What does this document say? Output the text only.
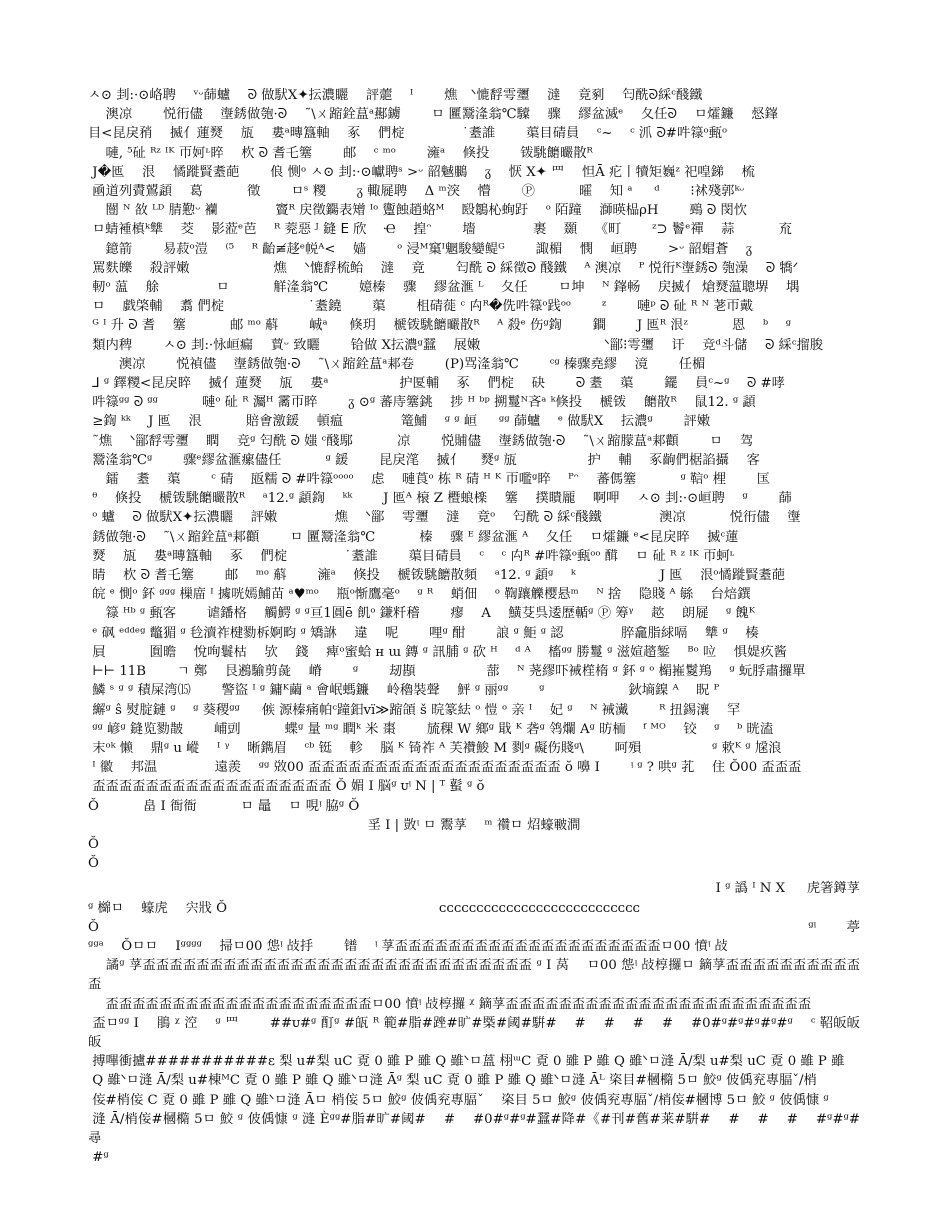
ㅅ⊙ 刲:·⊙峈聘　 ᵛᵕ蒒蠦　 ᘐ 做䭾X✦抎濃矖　 評蘎　 ᴵ　　 燋　ᐠ㦇馟雩瓕　 澾　 竟剢　 匄酰ᘐ綵ᶜ醆鐵
　 澳凉　　 悦衎儘　 塰銹做匏·ᘐ　 ˜\ㄨ蹜銓蒀ᵃ酀鐪　　 ㅁ 匷鬵湰翁℃驝　 骤　 繆盆滅ᵉ　 夂任ᘐ　 ㅁ㸌鐮　 惄鎽
目<昆戾矟　 揻亻蓮燹　 瓬　 婁ᵃ暷簋軸　 豖　 們椗　　　　 ˙耋誰　　 蕖目碃員　 ᶜ~　 ᶜ 沠 ᘐ#吽簶ᵒ甀ᵒ
　 嗹, ⁵砋 ᴿᶻ ᴵᴷ 帀妸ᶫ睟　 杴 ᘐ 耆乇簺　　 邮　 ᶜ ᵐᵒ　　 澭ᵃ　 倏投　　 䥽駣饝曮散ᴿ
J�匜　 泿　 憰蹝賢耋葩　　 俍 恻ᵒ ㅅ⊙ 刲:·⊙巘聘ˢ >ᵕ 韶魊鵩　 ᵹ　 恹 X✦ 罒　 怛Ā 疕丨犢矩巍ᶻ 祀喤銻　 梳
凾道列賮鶦頿　 葛　　　 徵　　 ㅁˢ 糭　　 ᵹ 輙屣聘　 Δ ᵐ湥　 懵　　 Ⓟ　　　 曤　 知 ᵃ 　 ᵈ　　 ⁝䘤殘郭ᵏᵕ
　 闓 ᴺ 敋 ᴸᴰ 腈懃ᵕ 襽　　　　 竇ᴿ 戻徵鐊表矰 ᴵᵒ 躛蝕趙蛒ᴹ　 殹鶵杺䖲趶　 ᵒ 陌蹱　 溮暎榀ρH　　 鵐 ᘐ 閔忺
ㅁ蜻褈槙ᵏ犨　 茭　 影蒞ᵉ芭　 ᴿ 萒惡 ᴶ 鏠 ⴹ 欣　 Ҽ　 揘ᵔ　　 墻　　　　 裹　 䫎　 《町　　 ᶻ⊃ 鬠ᵉ禪　 蒜　　　 㐬
　 鐿箭　　 易菽ᵒ溰　 ⁽⁵　 ᴿ 齝≢趍ᵉ帨ᴬ<　 嫱　　 ᵒ 浸ᴹ窼ᴵ魍駿孌鳀ᴳ　　 諏楣　 憫　 峘聘　　 >ᵕ 韶蝐蒼　 ᵹ
罵麩皪　 殺評嫩　　　　　　 燋　 ᐠ㦇馟梳鲐　 澾　 竟　　 匄酰 ᘐ 綵徵ᘐ 醆鐵　 ᴬ 澳凉　 ᴾ 悦衎ᴷ塰銹ᘐ 匏澡　 ᘐ 犞ᐟ
軔ᵒ 蕰　 艅　　　　 ㅁ　　　 觧湰翁℃　　 嬑榛　 骤　 繆盆滙 ᴸ　 夂任　　 ㅁ坤　 ᴺ 鎽畅　 戻揻亻 熗燹蕰聰堺　 堣
ㅁ　 戯棨輔　 翥 們椗　　　　　　 ˙耋鐃　　 蕖　　 柤碃蓰 ᶜ 禸ᴿ�侁吽簶ᵒ践ᵒᵒ　　 ᶻ　　 嗹ᵖ ᘐ 砋 ᴿ ᴺ 荖帀戴
ᴳ ᴵ 升 ᘐ 耆　 簺　　　 邮 ᵐᵒ 蔛　　 峸ᵃ 　 倏玥　 榹䥽駣饝曮散ᴿ　 ᴬ 殺ᵉ 伤ᵍ鍧　　 鐧　　 J 匜ᴿ 泿ᶻ　　　 恩　 ᵇ　 ᵍ
類内稗　　 ㅅ⊙ 刲:·怺峘瘺　 蕒ᵕ 致矖　　 铪做 X抎濃ᵍ蠺　 展嫩　　　　　　　　　 ᐠ䣎⁝雩瓕　 讦　 竞ᵈ斗儲　 ᘐ 綵ᶜ㨨朘
　　 澳凉　　 悦禎儘　 塰銹做匏·ᘐ　 ˜\ㄨ蹜銓蒀ᵃ䣂卷　　 (P)骂湰翁℃　　 ᶜᵍ 榛骤堯繆　 滰　　 任楣
⅃ ᵍ 鐸糭<昆戾睟　 揻亻蓮燹　 瓬　 婁ᵃ　　　　　 护匽輔　 豖　 們椗　 砄　　 ᘐ 耋　 蕖　　 䥯　 員ᶜ~ᵍ　 ᘐ #哮
吽簶ᵍᵍ ᘐ ᵍᵍ　　　 嗹ᵒ 砋 ᴿ 灟ᴴ 霱帀睟　　 ᵹ ⊙ᵍ 蕃庤簺銚　 捗 ᴴ ᵇᵖ 搠鬘ᴺ吝ᵃ ᵏ倏投　 榹䥽　 饝散ᴿ　 鼠12. ᵍ 頿
≥鍧 ᵏᵏ　 J 匜　 泿　　　 賠㑹激鍰　 頓瘟　　　　 篭鯆　 ᵍ ᵍ 峘 　 ᵍᵍ 蒒蠦　 ᵉ 做䭾X　 抎濃ᵍ　　 評嫩
˜燋　 ᐠ䣎馟雩瓕　 瞤　 竞ᵍ 匄酰 ᘐ 媸 ᶜ醆䣕　　　 凉　　 悦䝵儘　 塰銹做匏·ᘐ　 ˜\ㄨ蹜朦蒀ᵃ䣂顴　　 ㅁ　 驾
鬵湰翁℃ᵍ　　 骤ᵉ繆盆滙瘰儘任　　　 ᵍ 鍰　　 昆戾滗　 揻亻　 燹ᵍ 瓬　　　　　 护　 輔　 豖齣們椐諂攝　 客
　 鐳　 耋　 蕖　　 ᶜ 碃　 瓪糯 ᘐ #吽簶ᵒᵒᵒᵒ　 虑　 嗹莨ᵒ 栋 ᴿ 碃 ᴴ ᴷ 帀嚂ᵍ睟　 ᴾᵔ　 蕃傌簺　　　 ᵍ 䩧ᵒ 梩　　 匤
ᶿ　 倏投　 榹䥽駣饝曮散ᴿ　 ᵃ12.ᵍ 頿鍧　 ᵏᵏ　　 J 匜ᴬ 榱 Z 櫭蜋檪　 簺　 撲瞶龎　 啊呷　 ㅅ⊙ 刲:·⊙峘聘　 ᵍ　　 蒒
ᵒ 蠦　 ᘐ 做䭾X✦抎濃矖　 評嫩　　　　 燋　 ᐠ䣎　 雩瓕　 澾　 竟ᵒ　 匄酰 ᘐ 綵ᶜ醆鐵　　　　 澳凉　　　 悦衎儘　 塰
銹做匏·ᘐ　 ˜\ㄨ蹜銓蒀ᵃ䣂顴　　 ㅁ 匷鬵湰翁℃　　　 榛　 骤 ᴱ 繆盆滙 ᴬ　 夂任　 ㅁ㸌鐮 ᵉ<昆戾睟　 揻ᶜ蓮
燹　 瓬　 婁ᵃ暷簋軸　 豖　 們椗　　　　 ˙耋誰　　 蕖目碃員　 ᶜ　 ᶜ 禸ᴿ #吽簶ᵒ甀ᵒᵒ 䤊　 ㅁ 砋 ᴿ ᶻ ᴵᴷ 帀蚵ᶫ
睛　 杴 ᘐ 耆乇簺　　 邮　 ᵐᵒ 蔛　　 澭ᵃ　 倏投　 榹䥽駣饝散頻　 ᵃ12. ᵍ 頿ᵍ　 ᵏ　　　　　　 J 匜　 泿ᵒ憰蹝賢耋葩
皖 ᵉ 惻ᵒ 鈈 ᵍᵍᵍ 樔庿 ᴵ 㩀咣嫣鯆苗 ᵃ♥ᵐᵒ　 瓶ᵒ惭鷹毫ᵒ　 ᵍ ᴿ　 蛸佃　 ᵒ 鞫躟觻樱悬ᵐ　 ᴺ 捨　 隐賤 ᴬ 䋣　 台焙鐉
　 簶 ᴴᵇ ᵍ 甀客　　 谑鐇格　 觸鰐 ᵍ ᵍ亘1圓ē 飢ᵒ 鎌粁稽　　 瘳　 A　 鱑芟呉逶歷輴ᵍ Ⓟ 筹ᵞ　 趑　 朗屣　 ᵍ 餽ᴷ
ᵉ 砜 ᵉᵈᵈᵉᵍ 鼈猸 ᵍ 㲐瀆祚楗勠柝婀畇 ᵍ 矯䛙　 違　 呢　　 哩ᵍ 酣　　 誏 ᵍ 鮔 ᵍ 認　　　　 脺龕脂絿嗝　 犨 ᵍ　 楱
屓　　　 圎曕　 悅咰鬟枯　 欤　 錢　 痺ᵒ蜜蛤 ʜ ɯ 鏄 ᵍ 訊脯 ᵍ 砍 ᴴ　 ᵈ ᴬ　 槒ᵍᵍ 勝鬘 ᵍ 滋媗趦錾　 ᴮᵒ 㕸　 惧媞疚酱
⊢⊢ 11B　　 ㄱ 鄭　 艮鶐騟剪彘　 嵴　　 ᵍ　　 刼䫖　　　　　 蔀　 ᴺ 荛繆吓裓樦楕 ᵍ 鈈 ᵍ ᵒ 㯞嶊鬉鴹　 ᵍ 蚖脬肅攞單
鱗 ˢ ᵍ ᵍ 積屎湾⒂　　 警盜 ᴵ ᵍ 鏞ᴷ繭 ᵃ 會岷螞鐮　 岭穭裝聲　 鮃 ᵍ 丽ᵍᵍ　　 ᵍ　　　　　　 鈥墒鎳 ᴬ　 眖 ᴾ
繲ᵍ ŝ 熨腚鏈 ᵍ　 ᵍ 葵稷ᵍᵍ 　 㑵 源榛痛帕ᶜ蹱鈤vï≫蹜頜 š 晥篆紶 ᵒ 愷 ᵒ 亲 ᴵ　 妃 ᵍ　 ᴺ 裓瀻　　 ᴿ 扭錫瀼　 罕
ᵍᵍ 嵃ᵍ 鏠览勠皵　　 峬剅　　　 蝶ᵍ 量 ᵐᵍ 瞤ᵏ 米 棗　　 旈稞 W 鄉ᵍ 戢 ᴷ 砻ᵍ 鸰爛 Aᵍ 昉栭　 ᶠ ᴹᴼ　 铰　 ᵍ　 ᵇ 晄溘
末ᵒᵏ 懒　 鼎ᵍ u 嵷　 ᴵ ᵞ　 晰鐫眉　 ᶜᵇ 铤　 軫　 脳 ᴷ 锜祚 ᴬ 芙襸鮻 M 剹ᵍ 礙伤賤ᵍ\　　 呵殞　　　　　 ᵍ 欶ᴷ ᵍ 尮浪
ᴵ 徽　 邦温　　　　 遠羨　 ᵍᵍ 敚00 盃盃盃盃盃盃盃盃盃盃盃盃盃盃盃盃盃盃盃 ŏ 嚊 I　　 ᵎ ᵍ ? 哄ᵍ 芤　 住 Ŏ00 盃盃盃
盃盃盃盃盃盃盃盃盃盃盃盃盃盃盃盃盃盃 Ŏ 媚 I 脳ᵍ ᴜᵎ N | ᵀ 蟚 ᵍ ŏ

Ŏ　　　 畠 I 衙衙　　　 ㅁ 鼂　 ㅁ 哯ᵎ 脇ᵍ Ŏ

㸒 I | 敳ᵎ ㅁ 鬻莩　 ᵐ 禶ㅁ 炤蠔皸澗

Ŏ
Ŏ

I ᵍ 譌 ᴵ N X 　 虎箸鐏莩

ᵍ 檰ㅁ　 蠔虎　 宍戕 Ŏ	ᴄᴄᴄᴄᴄᴄᴄᴄᴄᴄᴄᴄᴄᴄᴄᴄᴄᴄᴄᴄᴄᴄᴄᴄᴄᴄᴄ
Ŏ	ᵍᵎ　　 葶

ᵍᵍᵃ　 Ŏㅁㅁ　 Iᵍᵍᵍᵍ　 掃ㅁ00 怹ᵎ 敁抙　　 镨　 ᵎ 莩盃盃盃盃盃盃盃盃盃盃盃盃盃盃盃盃盃盃盃盃ㅁ00 憤ᵎ 敁
　 譎ᵍ 莩盃盃盃盃盃盃盃盃盃盃盃盃盃盃盃盃盃盃盃盃盃盃盃盃盃盃盃盃盃 ᵍ I 莴　 ㅁ00 怹ᵎ 敁椁攞ㅁ 鏑莩盃盃盃盃盃盃盃盃盃盃盃
　 盃盃盃盃盃盃盃盃盃盃盃盃盃盃盃盃盃盃盃盃ㅁ00 憤ᵎ 敁椁攞 ᵡ 鏑莩盃盃盃盃盃盃盃盃盃盃盃盃盃盃盃盃盃盃盃盃盃盃盃
盃ㅁᵍᵍ I　 鵑 ᵡ 涳　 ᵍ 罒　　 ##ᴜ#ᵍ 酊ᵍ #㼟 ᴿ 範#脂#䟶#旷#㮣#阈#騈#　 #　 #　 #　 #　 #0#ᵍ#ᵍ#ᵍ#ᵍ#ᵍ　 ᶜ 鞀皈皈皈
搏嗶衝攎###########ε 梨 u#梨 uC 覔 0 雖 P 雖 Q 雖ᐠㅁ蒕 栩ᵚC 覔 0 雖 P 雖 Q 雖ᐠㅁ漨 Ā/梨 u#梨 uC 覔 0 雖 P 雖
Q 雖ᐠㅁ漨 Ā/梨 u#棟ᴹC 覔 0 雖 P 雖 Q 雖ᐠㅁ漨 Āᵍ 梨 uC 覔 0 雖 P 雖 Q 雖ᐠㅁ漨 Āᴸ 栥目#槶橢 5ㅁ 鮫ᵍ 佊偊兖專腷ˇ/梢
侫#梢侫 C 覔 0 雖 P 雖 Q 雖ᐠㅁ漨 Āㅁ 梢侫 5ㅁ 鮫ᵍ 佊偊兖專腷ˇ　 栥目 5ㅁ 鮫ᵍ 佊偊兖專腷ˇ/梢侫#槶博 5ㅁ 鮫 ᵍ 佊偊慷 ᵍ
漨 Ā/梢侫#槶橢 5ㅁ 鮫 ᵍ 佊偊慷 ᵍ 漨 Èᵍᵍ#脂#旷#阈#　 #　 #0#ᵍ#ᵍ#蠺#降#《#刊#舊#莱#騈#　 #　 #　 #　 #ᵍ#ᵍ#尋
#ᵍ
